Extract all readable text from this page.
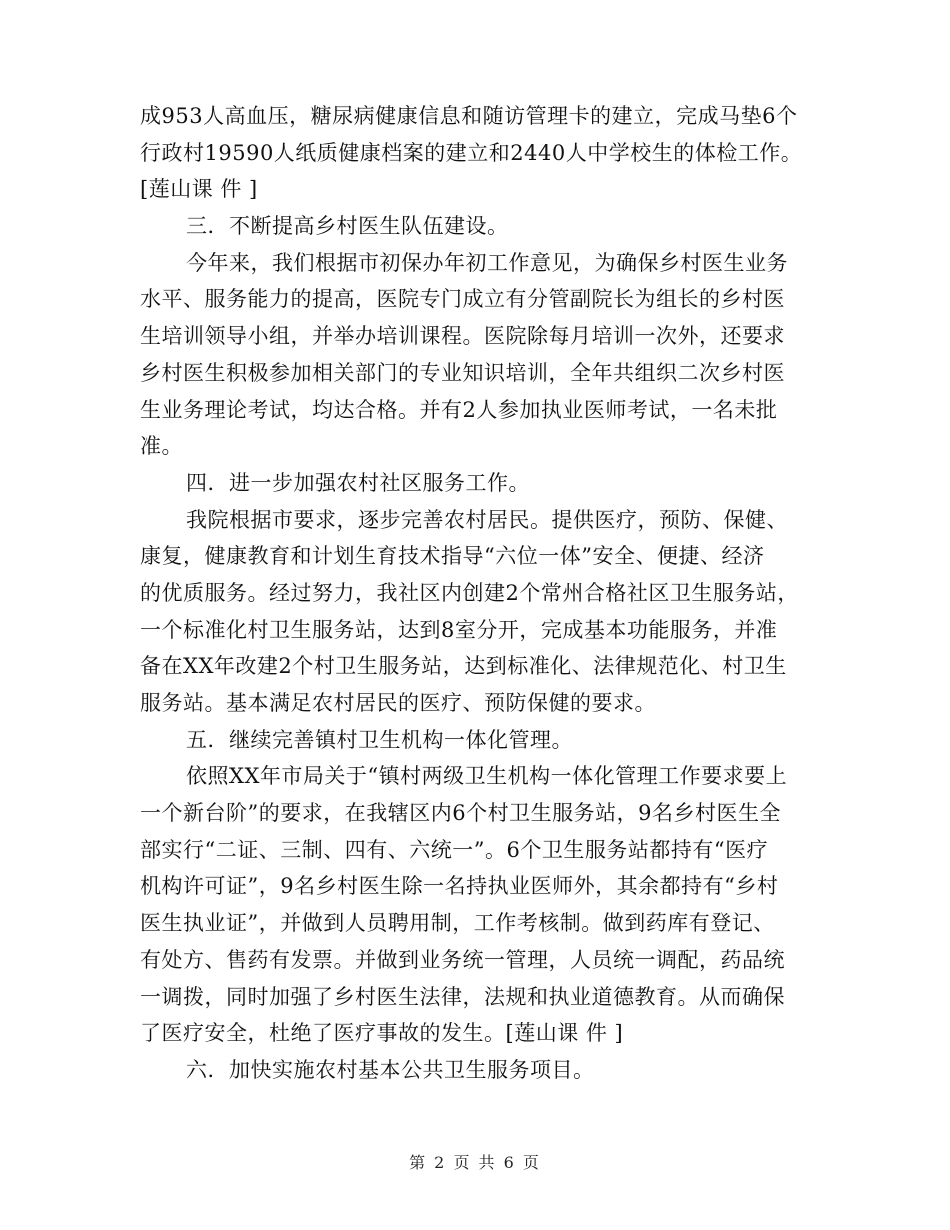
成953人高血压，糖尿病健康信息和随访管理卡的建立，完成马垫6个
行政村19590人纸质健康档案的建立和2440人中学校生的体检工作。
[莲山课 件 ]
三．不断提高乡村医生队伍建设。
今年来，我们根据市初保办年初工作意见，为确保乡村医生业务
水平、服务能力的提高，医院专门成立有分管副院长为组长的乡村医
生培训领导小组，并举办培训课程。医院除每月培训一次外，还要求
乡村医生积极参加相关部门的专业知识培训，全年共组织二次乡村医
生业务理论考试，均达合格。并有2人参加执业医师考试，一名未批
准。
四．进一步加强农村社区服务工作。
我院根据市要求，逐步完善农村居民。提供医疗，预防、保健、
康复，健康教育和计划生育技术指导“六位一体”安全、便捷、经济
的优质服务。经过努力，我社区内创建2个常州合格社区卫生服务站，
一个标准化村卫生服务站，达到8室分开，完成基本功能服务，并准
备在XX年改建2个村卫生服务站，达到标准化、法律规范化、村卫生
服务站。基本满足农村居民的医疗、预防保健的要求。
五．继续完善镇村卫生机构一体化管理。
依照XX年市局关于“镇村两级卫生机构一体化管理工作要求要上
一个新台阶”的要求，在我辖区内6个村卫生服务站，9名乡村医生全
部实行“二证、三制、四有、六统一”。6个卫生服务站都持有“医疗
机构许可证”，9名乡村医生除一名持执业医师外，其余都持有“乡村
医生执业证”，并做到人员聘用制，工作考核制。做到药库有登记、
有处方、售药有发票。并做到业务统一管理，人员统一调配，药品统
一调拨，同时加强了乡村医生法律，法规和执业道德教育。从而确保
了医疗安全，杜绝了医疗事故的发生。[莲山课 件 ]
六．加快实施农村基本公共卫生服务项目。
第 2 页 共 6 页
